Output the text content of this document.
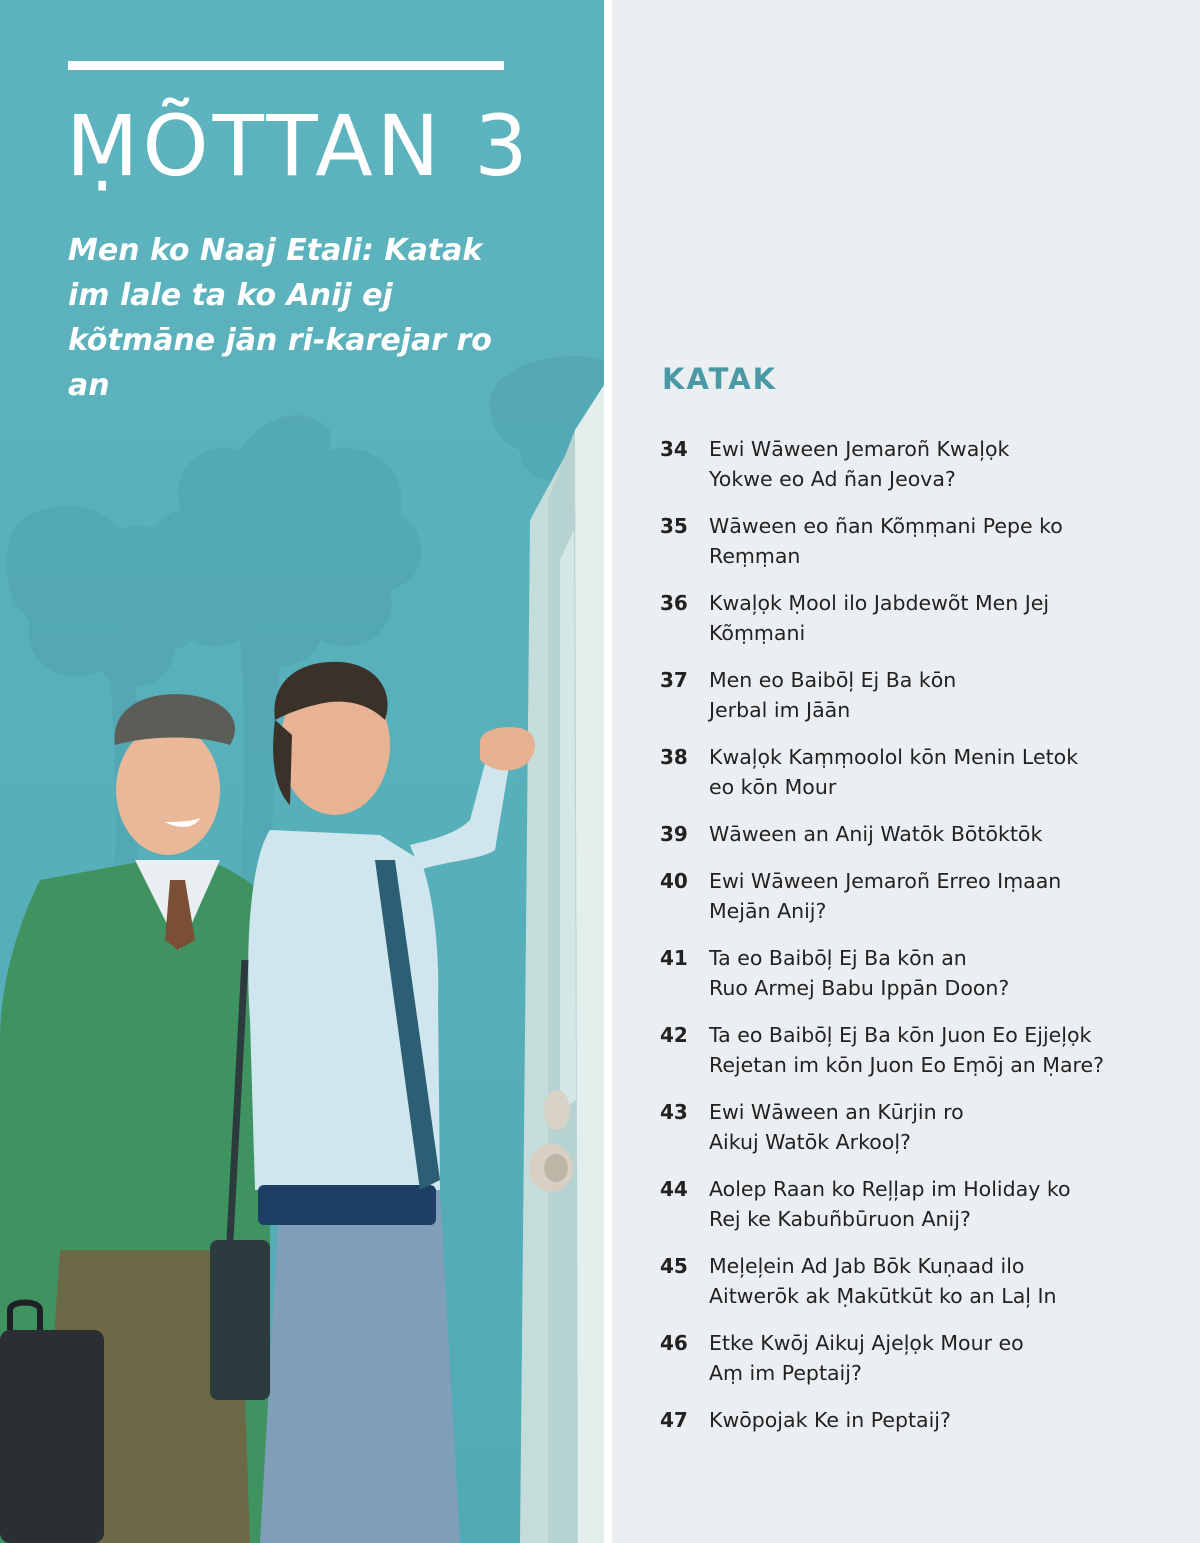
ṂÕTTAN 3

Men ko Naaj Etali: Katak im lale ta ko Anij ej kõtmāne jān ri-karejar ro an	KATAK
34	Ewi Wāween Jemaroñ Kwaļọk
Yokwe eo Ad ñan Jeova?
35	Wāween eo ñan Kõṃṃani Pepe ko
Reṃṃan
36	Kwaļọk Ṃool ilo Jabdewõt Men Jej
Kõṃṃani
37	Men eo Baibōļ Ej Ba kōn
Jerbal im Jāān
38	Kwaļọk Kaṃṃoolol kōn Menin Letok
eo kōn Mour
39	Wāween an Anij Watōk Bōtōktōk
40	Ewi Wāween Jemaroñ Erreo Iṃaan
Mejān Anij?
41	Ta eo Baibōļ Ej Ba kōn an
Ruo Armej Babu Ippān Doon?
42	Ta eo Baibōļ Ej Ba kōn Juon Eo Ejjeļọk
Rejetan im kōn Juon Eo Eṃōj an Ṃare?
43	Ewi Wāween an Kūrjin ro
Aikuj Watōk Arkooļ?
44	Aolep Raan ko Reļļap im Holiday ko
Rej ke Kabuñbūruon Anij?
45	Meļeļein Ad Jab Bōk Kuṇaad ilo
Aitwerōk ak Ṃakūtkūt ko an Laļ In
46	Etke Kwōj Aikuj Ajeļọk Mour eo
Aṃ im Peptaij?
47	Kwōpojak Ke in Peptaij?
